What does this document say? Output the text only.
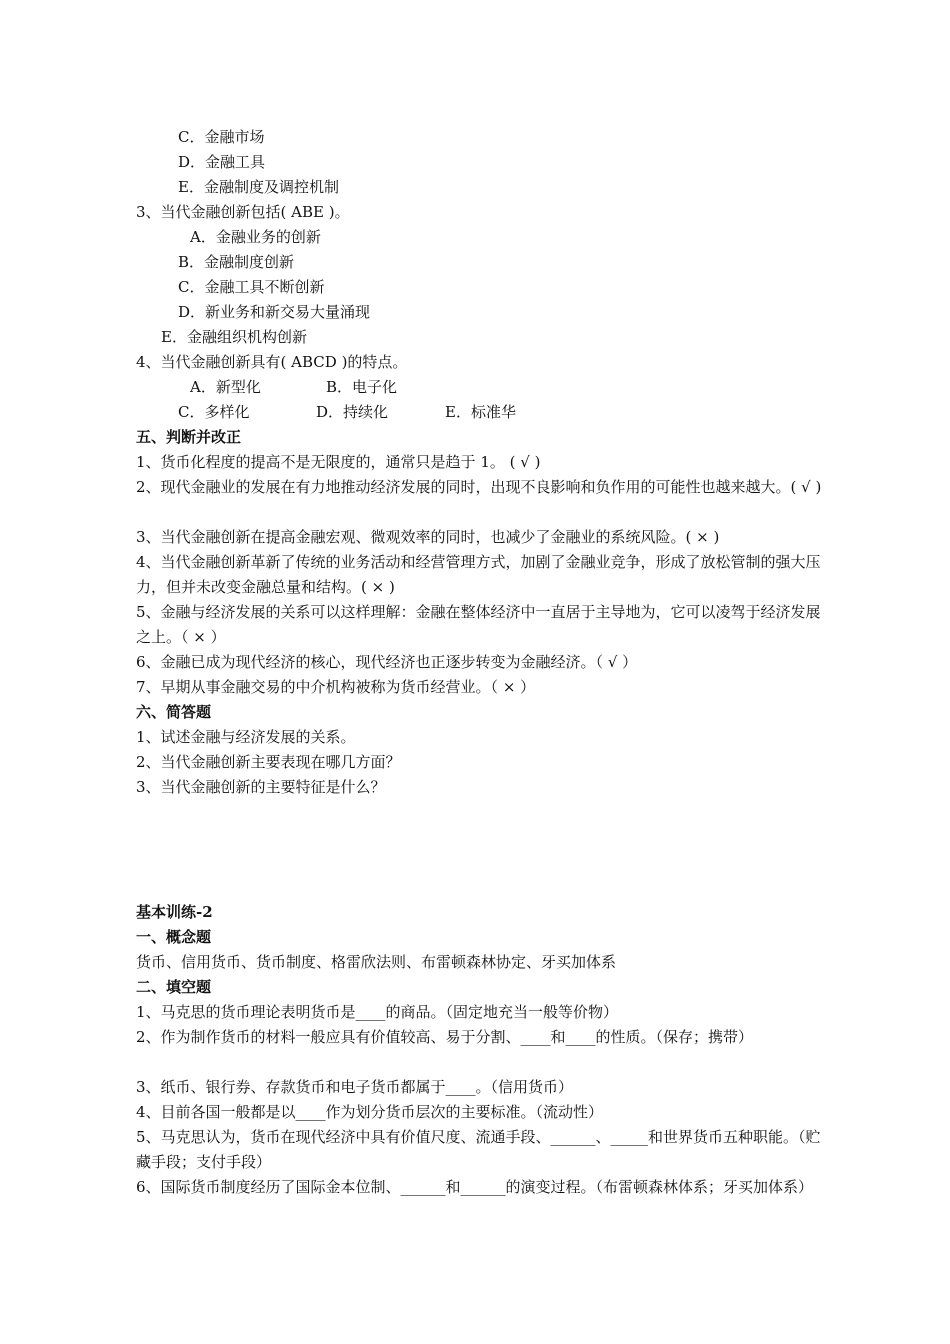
C．金融市场
D．金融工具
E．金融制度及调控机制
3、当代金融创新包括( ABE )。
A．金融业务的创新
B．金融制度创新
C．金融工具不断创新
D．新业务和新交易大量涌现
E．金融组织机构创新
4、当代金融创新具有( ABCD )的特点。
A．新型化	B．电子化
C．多样化	D．持续化	E．标准华
五、判断并改正
1、货币化程度的提高不是无限度的，通常只是趋于 1。 ( √ )
2、现代金融业的发展在有力地推动经济发展的同时，出现不良影响和负作用的可能性也越来越大。( √ )
3、当代金融创新在提高金融宏观、微观效率的同时，也减少了金融业的系统风险。( × )
4、当代金融创新革新了传统的业务活动和经营管理方式，加剧了金融业竞争，形成了放松管制的强大压力，但并未改变金融总量和结构。( × )
5、金融与经济发展的关系可以这样理解：金融在整体经济中一直居于主导地为，它可以凌驾于经济发展之上。（ × ）
6、金融已成为现代经济的核心，现代经济也正逐步转变为金融经济。（ √ ）
7、早期从事金融交易的中介机构被称为货币经营业。（ × ）
六、简答题
1、试述金融与经济发展的关系。
2、当代金融创新主要表现在哪几方面？
3、当代金融创新的主要特征是什么？
基本训练-2
一、概念题
货币、信用货币、货币制度、格雷欣法则、布雷顿森林协定、牙买加体系
二、填空题
1、马克思的货币理论表明货币是____的商品。（固定地充当一般等价物）
2、作为制作货币的材料一般应具有价值较高、易于分割、____和____的性质。（保存；携带）
3、纸币、银行券、存款货币和电子货币都属于____。（信用货币）
4、目前各国一般都是以____作为划分货币层次的主要标准。（流动性）
5、马克思认为，货币在现代经济中具有价值尺度、流通手段、______、_____和世界货币五种职能。（贮藏手段；支付手段）
6、国际货币制度经历了国际金本位制、______和______的演变过程。（布雷顿森林体系；牙买加体系）
